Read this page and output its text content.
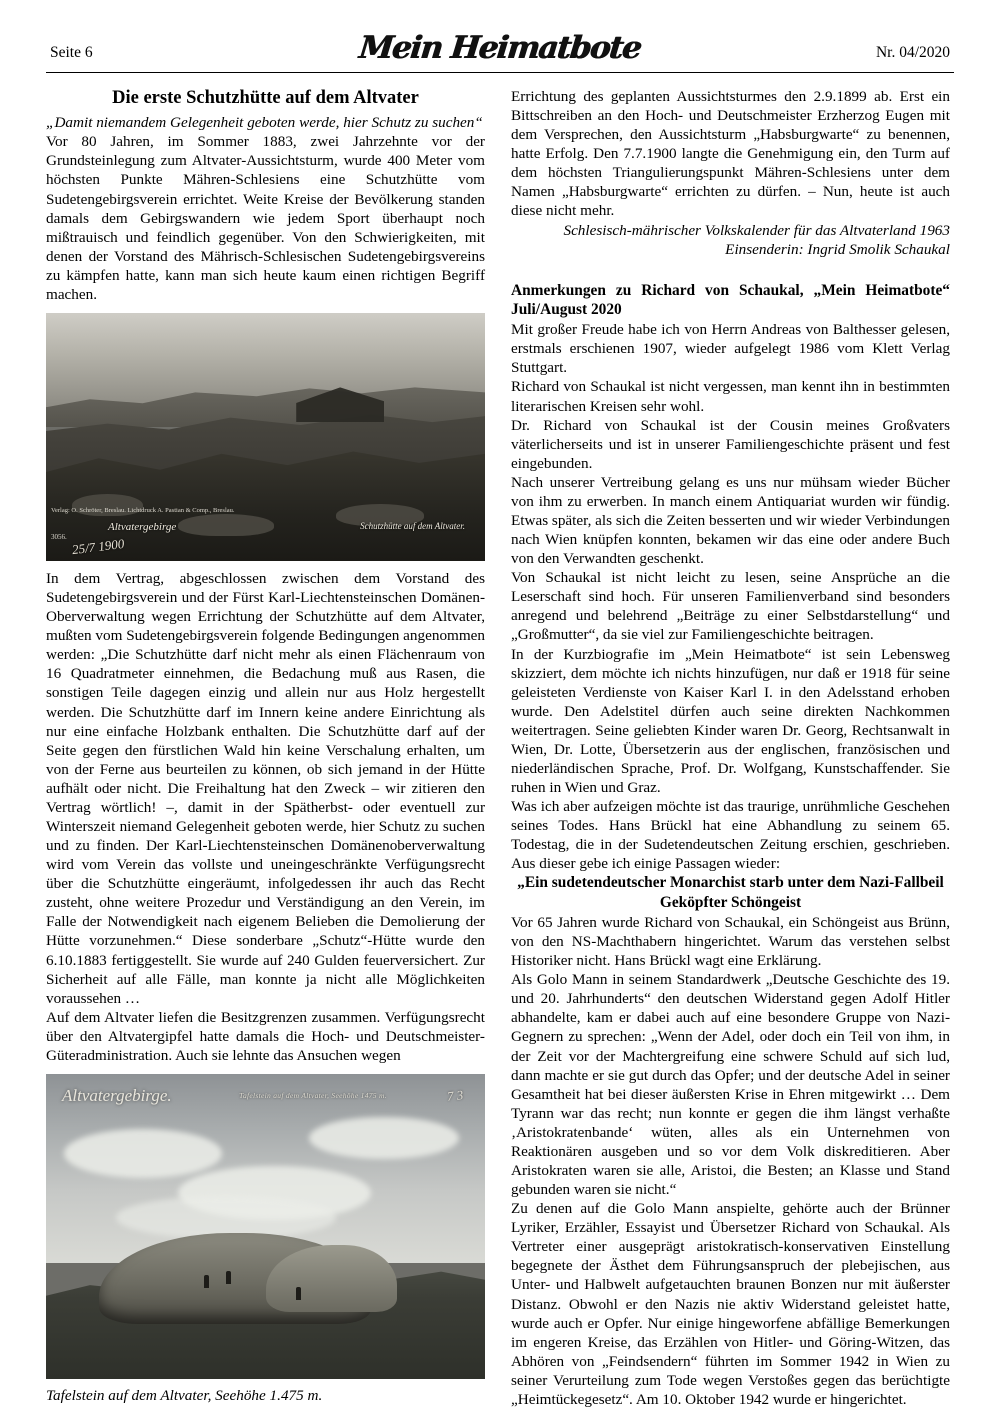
Seite 6	Mein Heimatbote	Nr. 04/2020
Die erste Schutzhütte auf dem Altvater

„Damit niemandem Gelegenheit geboten werde, hier Schutz zu suchen“

Vor 80 Jahren, im Sommer 1883, zwei Jahrzehnte vor der Grundsteinlegung zum Altvater-Aussichtsturm, wurde 400 Meter vom höchsten Punkte Mähren-Schlesiens eine Schutzhütte vom Sudetengebirgsverein errichtet. Weite Kreise der Bevölkerung standen damals dem Gebirgswandern wie jedem Sport überhaupt noch mißtrauisch und feindlich gegenüber. Von den Schwierigkeiten, mit denen der Vorstand des Mährisch-Schlesischen Sudetengebirgsvereins zu kämpfen hatte, kann man sich heute kaum einen richtigen Begriff machen.

Verlag: O. Schröter, Breslau. Lichtdruck A. Pastian & Comp., Breslau.
Altvatergebirge	Schutzhütte auf dem Altvater.
3056. 25/7 1900

In dem Vertrag, abgeschlossen zwischen dem Vorstand des Sudetengebirgsverein und der Fürst Karl-Liechtensteinschen Domänen-Oberverwaltung wegen Errichtung der Schutzhütte auf dem Altvater, mußten vom Sudetengebirgsverein folgende Bedingungen angenommen werden: „Die Schutzhütte darf nicht mehr als einen Flächenraum von 16 Quadratmeter einnehmen, die Bedachung muß aus Rasen, die sonstigen Teile dagegen einzig und allein nur aus Holz hergestellt werden. Die Schutzhütte darf im Innern keine andere Einrichtung als nur eine einfache Holzbank enthalten. Die Schutzhütte darf auf der Seite gegen den fürstlichen Wald hin keine Verschalung erhalten, um von der Ferne aus beurteilen zu können, ob sich jemand in der Hütte aufhält oder nicht. Die Freihaltung hat den Zweck – wir zitieren den Vertrag wörtlich! –, damit in der Spätherbst- oder eventuell zur Winterszeit niemand Gelegenheit geboten werde, hier Schutz zu suchen und zu finden. Der Karl-Liechtensteinschen Domänenoberverwaltung wird vom Verein das vollste und uneingeschränkte Verfügungsrecht über die Schutzhütte eingeräumt, infolgedessen ihr auch das Recht zusteht, ohne weitere Prozedur und Verständigung an den Verein, im Falle der Notwendigkeit nach eigenem Belieben die Demolierung der Hütte vorzunehmen.“ Diese sonderbare „Schutz“-Hütte wurde den 6.10.1883 fertiggestellt. Sie wurde auf 240 Gulden feuerversichert. Zur Sicherheit auf alle Fälle, man konnte ja nicht alle Möglichkeiten voraussehen …

Auf dem Altvater liefen die Besitzgrenzen zusammen. Verfügungsrecht über den Altvatergipfel hatte damals die Hoch- und Deutschmeister-Güteradministration. Auch sie lehnte das Ansuchen wegen

Altvatergebirge.	Tafelstein auf dem Altvater, Seehöhe 1475 m.	7 3

Tafelstein auf dem Altvater, Seehöhe 1.475 m.

Errichtung des geplanten Aussichtsturmes den 2.9.1899 ab. Erst ein Bittschreiben an den Hoch- und Deutschmeister Erzherzog Eugen mit dem Versprechen, den Aussichtsturm „Habsburgwarte“ zu benennen, hatte Erfolg. Den 7.7.1900 langte die Genehmigung ein, den Turm auf dem höchsten Triangulierungspunkt Mähren-Schlesiens unter dem Namen „Habsburgwarte“ errichten zu dürfen. – Nun, heute ist auch diese nicht mehr.

Schlesisch-mährischer Volkskalender für das Altvaterland 1963

Einsenderin: Ingrid Smolik Schaukal

Anmerkungen zu Richard von Schaukal, „Mein Heimatbote“ Juli/August 2020

Mit großer Freude habe ich von Herrn Andreas von Balthesser gelesen, erstmals erschienen 1907, wieder aufgelegt 1986 vom Klett Verlag Stuttgart.

Richard von Schaukal ist nicht vergessen, man kennt ihn in bestimmten literarischen Kreisen sehr wohl.

Dr. Richard von Schaukal ist der Cousin meines Großvaters väterlicherseits und ist in unserer Familiengeschichte präsent und fest eingebunden.

Nach unserer Vertreibung gelang es uns nur mühsam wieder Bücher von ihm zu erwerben. In manch einem Antiquariat wurden wir fündig. Etwas später, als sich die Zeiten besserten und wir wieder Verbindungen nach Wien knüpfen konnten, bekamen wir das eine oder andere Buch von den Verwandten geschenkt.

Von Schaukal ist nicht leicht zu lesen, seine Ansprüche an die Leserschaft sind hoch. Für unseren Familienverband sind besonders anregend und belehrend „Beiträge zu einer Selbstdarstellung“ und „Großmutter“, da sie viel zur Familiengeschichte beitragen.

In der Kurzbiografie im „Mein Heimatbote“ ist sein Lebensweg skizziert, dem möchte ich nichts hinzufügen, nur daß er 1918 für seine geleisteten Verdienste von Kaiser Karl I. in den Adelsstand erhoben wurde. Den Adelstitel dürfen auch seine direkten Nachkommen weitertragen. Seine geliebten Kinder waren Dr. Georg, Rechtsanwalt in Wien, Dr. Lotte, Übersetzerin aus der englischen, französischen und niederländischen Sprache, Prof. Dr. Wolfgang, Kunstschaffender. Sie ruhen in Wien und Graz.

Was ich aber aufzeigen möchte ist das traurige, unrühmliche Geschehen seines Todes. Hans Brückl hat eine Abhandlung zu seinem 65. Todestag, die in der Sudetendeutschen Zeitung erschien, geschrieben. Aus dieser gebe ich einige Passagen wieder:

„Ein sudetendeutscher Monarchist starb unter dem Nazi-Fallbeil Geköpfter Schöngeist

Vor 65 Jahren wurde Richard von Schaukal, ein Schöngeist aus Brünn, von den NS-Machthabern hingerichtet. Warum das verstehen selbst Historiker nicht. Hans Brückl wagt eine Erklärung.

Als Golo Mann in seinem Standardwerk „Deutsche Geschichte des 19. und 20. Jahrhunderts“ den deutschen Widerstand gegen Adolf Hitler abhandelte, kam er dabei auch auf eine besondere Gruppe von Nazi-Gegnern zu sprechen: „Wenn der Adel, oder doch ein Teil von ihm, in der Zeit vor der Machtergreifung eine schwere Schuld auf sich lud, dann machte er sie gut durch das Opfer; und der deutsche Adel in seiner Gesamtheit hat bei dieser äußersten Krise in Ehren mitgewirkt … Dem Tyrann war das recht; nun konnte er gegen die ihm längst verhaßte ‚Aristokratenbande‘ wüten, alles als ein Unternehmen von Reaktionären ausgeben und so vor dem Volk diskreditieren. Aber Aristokraten waren sie alle, Aristoi, die Besten; an Klasse und Stand gebunden waren sie nicht.“

Zu denen auf die Golo Mann anspielte, gehörte auch der Brünner Lyriker, Erzähler, Essayist und Übersetzer Richard von Schaukal. Als Vertreter einer ausgeprägt aristokratisch-konservativen Einstellung begegnete der Ästhet dem Führungsanspruch der plebejischen, aus Unter- und Halbwelt aufgetauchten braunen Bonzen nur mit äußerster Distanz. Obwohl er den Nazis nie aktiv Widerstand geleistet hatte, wurde auch er Opfer. Nur einige hingeworfene abfällige Bemerkungen im engeren Kreise, das Erzählen von Hitler- und Göring-Witzen, das Abhören von „Feindsendern“ führten im Sommer 1942 in Wien zu seiner Verurteilung zum Tode wegen Verstoßes gegen das berüchtigte „Heimtückegesetz“. Am 10. Oktober 1942 wurde er hingerichtet.
